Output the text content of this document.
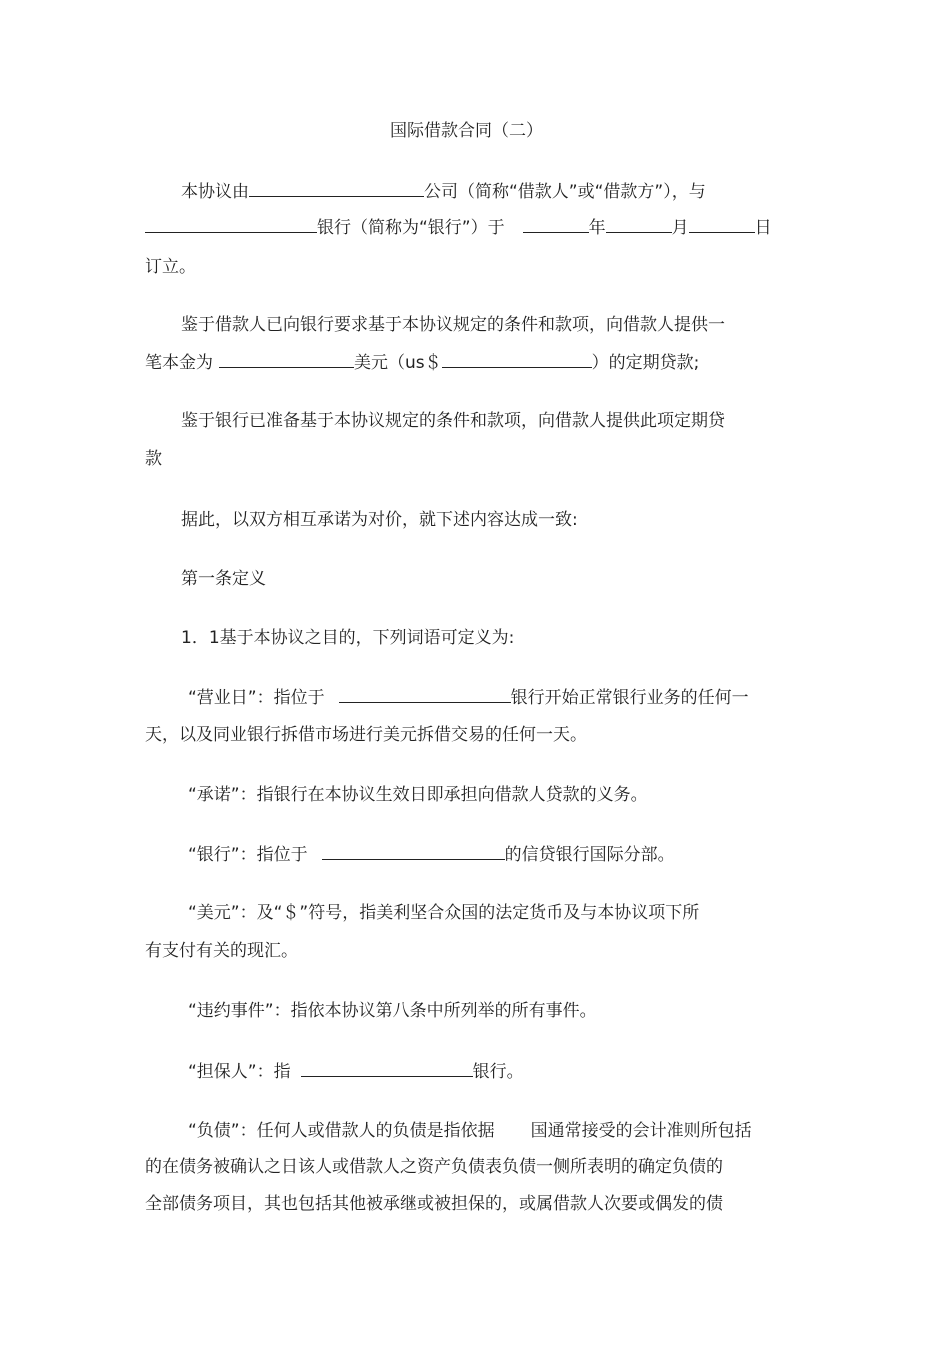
国际借款合同（二）
本协议由	公司（简称“借款人”或“借款方”），与
银行（简称为“银行”）于	年	月	日
订立。
鉴于借款人已向银行要求基于本协议规定的条件和款项，向借款人提供一
笔本金为	美元（us＄	）的定期贷款;
鉴于银行已准备基于本协议规定的条件和款项，向借款人提供此项定期贷
款
据此，以双方相互承诺为对价，就下述内容达成一致:
第一条定义
1．1基于本协议之目的，下列词语可定义为:
“营业日”：指位于	银行开始正常银行业务的任何一
天，以及同业银行拆借市场进行美元拆借交易的任何一天。
“承诺”：指银行在本协议生效日即承担向借款人贷款的义务。
“银行”：指位于	的信贷银行国际分部。
“美元”：及“＄”符号，指美利坚合众国的法定货币及与本协议项下所
有支付有关的现汇。
“违约事件”：指依本协议第八条中所列举的所有事件。
“担保人”：指	银行。
“负债”：任何人或借款人的负债是指依据 国通常接受的会计准则所包括
的在债务被确认之日该人或借款人之资产负债表负债一侧所表明的确定负债的
全部债务项目，其也包括其他被承继或被担保的，或属借款人次要或偶发的债
